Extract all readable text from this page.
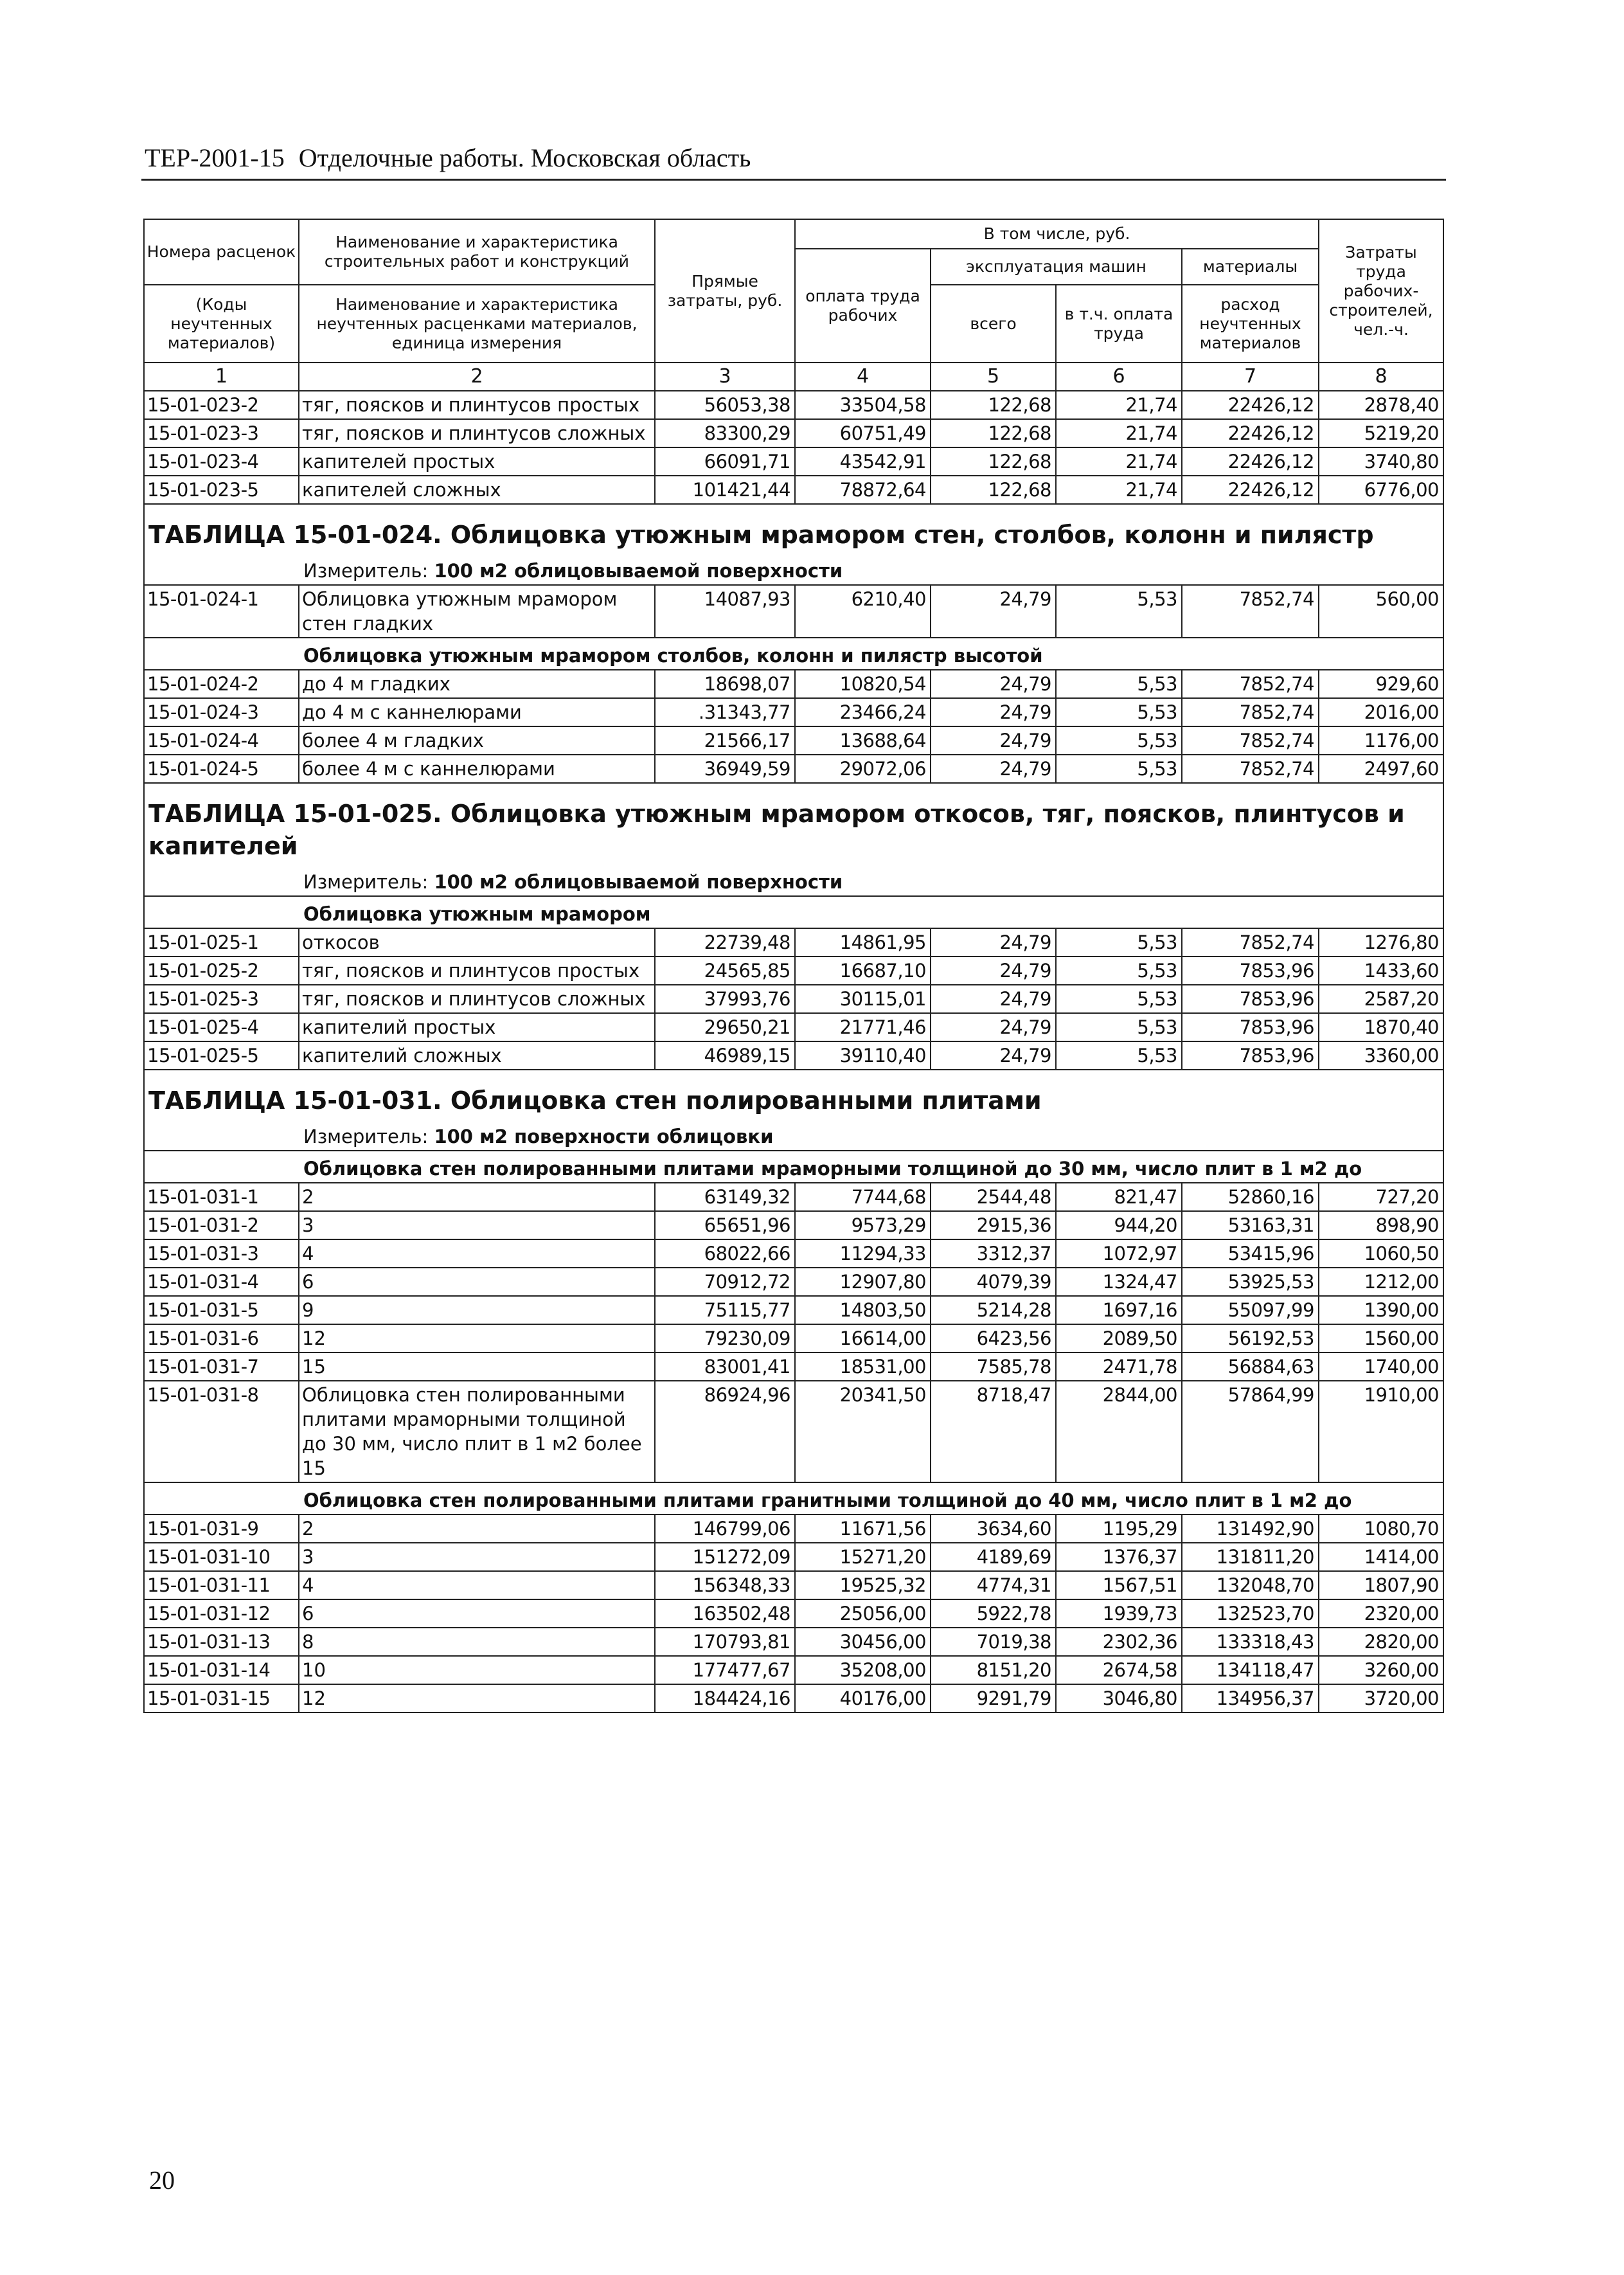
ТЕР-2001-15 Отделочные работы. Московская область
Номера расценок	Наименование и характеристика строительных работ и конструкций	Прямые затраты, руб.	В том числе, руб.				Затраты труда рабочих-строителей, чел.-ч.
			оплата труда рабочих	эксплуатация машин		материалы	
(Коды неучтенных материалов)	Наименование и характеристика неучтенных расценками материалов, единица измерения			всего	в т.ч. оплата труда	расход неучтенных материалов	
1	2	3	4	5	6	7	8
15-01-023-2	тяг, поясков и плинтусов простых	56053,38	33504,58	122,68	21,74	22426,12	2878,40
15-01-023-3	тяг, поясков и плинтусов сложных	83300,29	60751,49	122,68	21,74	22426,12	5219,20
15-01-023-4	капителей простых	66091,71	43542,91	122,68	21,74	22426,12	3740,80
15-01-023-5	капителей сложных	101421,44	78872,64	122,68	21,74	22426,12	6776,00
ТАБЛИЦА 15-01-024. Облицовка утюжным мрамором стен, столбов, колонн и пилястр							
Измеритель: 100 м2 облицовываемой поверхности							
15-01-024-1	Облицовка утюжным мрамором стен гладких	14087,93	6210,40	24,79	5,53	7852,74	560,00
Облицовка утюжным мрамором столбов, колонн и пилястр высотой							
15-01-024-2	до 4 м гладких	18698,07	10820,54	24,79	5,53	7852,74	929,60
15-01-024-3	до 4 м с каннелюрами	.31343,77	23466,24	24,79	5,53	7852,74	2016,00
15-01-024-4	более 4 м гладких	21566,17	13688,64	24,79	5,53	7852,74	1176,00
15-01-024-5	более 4 м с каннелюрами	36949,59	29072,06	24,79	5,53	7852,74	2497,60
ТАБЛИЦА 15-01-025. Облицовка утюжным мрамором откосов, тяг, поясков, плинтусов и капителей							
Измеритель: 100 м2 облицовываемой поверхности							
Облицовка утюжным мрамором							
15-01-025-1	откосов	22739,48	14861,95	24,79	5,53	7852,74	1276,80
15-01-025-2	тяг, поясков и плинтусов простых	24565,85	16687,10	24,79	5,53	7853,96	1433,60
15-01-025-3	тяг, поясков и плинтусов сложных	37993,76	30115,01	24,79	5,53	7853,96	2587,20
15-01-025-4	капителий простых	29650,21	21771,46	24,79	5,53	7853,96	1870,40
15-01-025-5	капителий сложных	46989,15	39110,40	24,79	5,53	7853,96	3360,00
ТАБЛИЦА 15-01-031. Облицовка стен полированными плитами							
Измеритель: 100 м2 поверхности облицовки							
Облицовка стен полированными плитами мраморными толщиной до 30 мм, число плит в 1 м2 до							
15-01-031-1	2	63149,32	7744,68	2544,48	821,47	52860,16	727,20
15-01-031-2	3	65651,96	9573,29	2915,36	944,20	53163,31	898,90
15-01-031-3	4	68022,66	11294,33	3312,37	1072,97	53415,96	1060,50
15-01-031-4	6	70912,72	12907,80	4079,39	1324,47	53925,53	1212,00
15-01-031-5	9	75115,77	14803,50	5214,28	1697,16	55097,99	1390,00
15-01-031-6	12	79230,09	16614,00	6423,56	2089,50	56192,53	1560,00
15-01-031-7	15	83001,41	18531,00	7585,78	2471,78	56884,63	1740,00
15-01-031-8	Облицовка стен полированными плитами мраморными толщиной до 30 мм, число плит в 1 м2 более 15	86924,96	20341,50	8718,47	2844,00	57864,99	1910,00
Облицовка стен полированными плитами гранитными толщиной до 40 мм, число плит в 1 м2 до							
15-01-031-9	2	146799,06	11671,56	3634,60	1195,29	131492,90	1080,70
15-01-031-10	3	151272,09	15271,20	4189,69	1376,37	131811,20	1414,00
15-01-031-11	4	156348,33	19525,32	4774,31	1567,51	132048,70	1807,90
15-01-031-12	6	163502,48	25056,00	5922,78	1939,73	132523,70	2320,00
15-01-031-13	8	170793,81	30456,00	7019,38	2302,36	133318,43	2820,00
15-01-031-14	10	177477,67	35208,00	8151,20	2674,58	134118,47	3260,00
15-01-031-15	12	184424,16	40176,00	9291,79	3046,80	134956,37	3720,00
20
